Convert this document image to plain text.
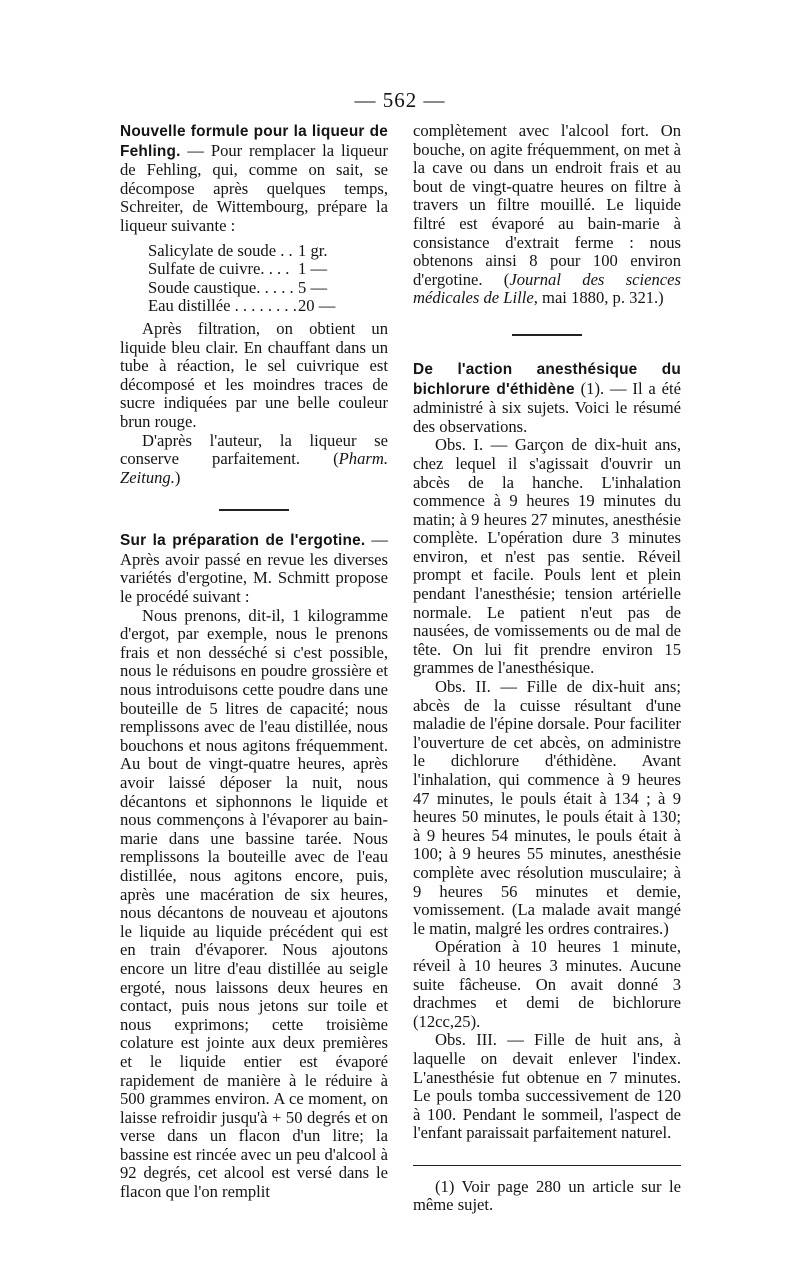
— 562 —

Nouvelle formule pour la liqueur de Fehling. — Pour remplacer la liqueur de Fehling, qui, comme on sait, se décompose après quelques temps, Schreiter, de Wittembourg, prépare la liqueur suivante :

Salicylate de soude . . 1 gr.
Sulfate de cuivre. . . . 1 —
Soude caustique. . . . . 5 —
Eau distillée . . . . . . . . 20 —

Après filtration, on obtient un liquide bleu clair. En chauffant dans un tube à réaction, le sel cuivrique est décomposé et les moindres traces de sucre indiquées par une belle couleur brun rouge.

D'après l'auteur, la liqueur se conserve parfaitement. (Pharm. Zeitung.)

Sur la préparation de l'ergotine. — Après avoir passé en revue les diverses variétés d'ergotine, M. Schmitt propose le procédé suivant :

Nous prenons, dit-il, 1 kilogramme d'ergot, par exemple, nous le prenons frais et non desséché si c'est possible, nous le réduisons en poudre grossière et nous introduisons cette poudre dans une bouteille de 5 litres de capacité; nous remplissons avec de l'eau distillée, nous bouchons et nous agitons fréquemment. Au bout de vingt-quatre heures, après avoir laissé déposer la nuit, nous décantons et siphonnons le liquide et nous commençons à l'évaporer au bain-marie dans une bassine tarée. Nous remplissons la bouteille avec de l'eau distillée, nous agitons encore, puis, après une macération de six heures, nous décantons de nouveau et ajoutons le liquide au liquide précédent qui est en train d'évaporer. Nous ajoutons encore un litre d'eau distillée au seigle ergoté, nous laissons deux heures en contact, puis nous jetons sur toile et nous exprimons; cette troisième colature est jointe aux deux premières et le liquide entier est évaporé rapidement de manière à le réduire à 500 grammes environ. A ce moment, on laisse refroidir jusqu'à + 50 degrés et on verse dans un flacon d'un litre; la bassine est rincée avec un peu d'alcool à 92 degrés, cet alcool est versé dans le flacon que l'on remplit

complètement avec l'alcool fort. On bouche, on agite fréquemment, on met à la cave ou dans un endroit frais et au bout de vingt-quatre heures on filtre à travers un filtre mouillé. Le liquide filtré est évaporé au bain-marie à consistance d'extrait ferme : nous obtenons ainsi 8 pour 100 environ d'ergotine. (Journal des sciences médicales de Lille, mai 1880, p. 321.)

De l'action anesthésique du bichlorure d'éthidène (1). — Il a été administré à six sujets. Voici le résumé des observations.

Obs. I. — Garçon de dix-huit ans, chez lequel il s'agissait d'ouvrir un abcès de la hanche. L'inhalation commence à 9 heures 19 minutes du matin; à 9 heures 27 minutes, anesthésie complète. L'opération dure 3 minutes environ, et n'est pas sentie. Réveil prompt et facile. Pouls lent et plein pendant l'anesthésie; tension artérielle normale. Le patient n'eut pas de nausées, de vomissements ou de mal de tête. On lui fit prendre environ 15 grammes de l'anesthésique.

Obs. II. — Fille de dix-huit ans; abcès de la cuisse résultant d'une maladie de l'épine dorsale. Pour faciliter l'ouverture de cet abcès, on administre le dichlorure d'éthidène. Avant l'inhalation, qui commence à 9 heures 47 minutes, le pouls était à 134 ; à 9 heures 50 minutes, le pouls était à 130; à 9 heures 54 minutes, le pouls était à 100; à 9 heures 55 minutes, anesthésie complète avec résolution musculaire; à 9 heures 56 minutes et demie, vomissement. (La malade avait mangé le matin, malgré les ordres contraires.)

Opération à 10 heures 1 minute, réveil à 10 heures 3 minutes. Aucune suite fâcheuse. On avait donné 3 drachmes et demi de bichlorure (12cc,25).

Obs. III. — Fille de huit ans, à laquelle on devait enlever l'index. L'anesthésie fut obtenue en 7 minutes. Le pouls tomba successivement de 120 à 100. Pendant le sommeil, l'aspect de l'enfant paraissait parfaitement naturel.

(1) Voir page 280 un article sur le même sujet.
